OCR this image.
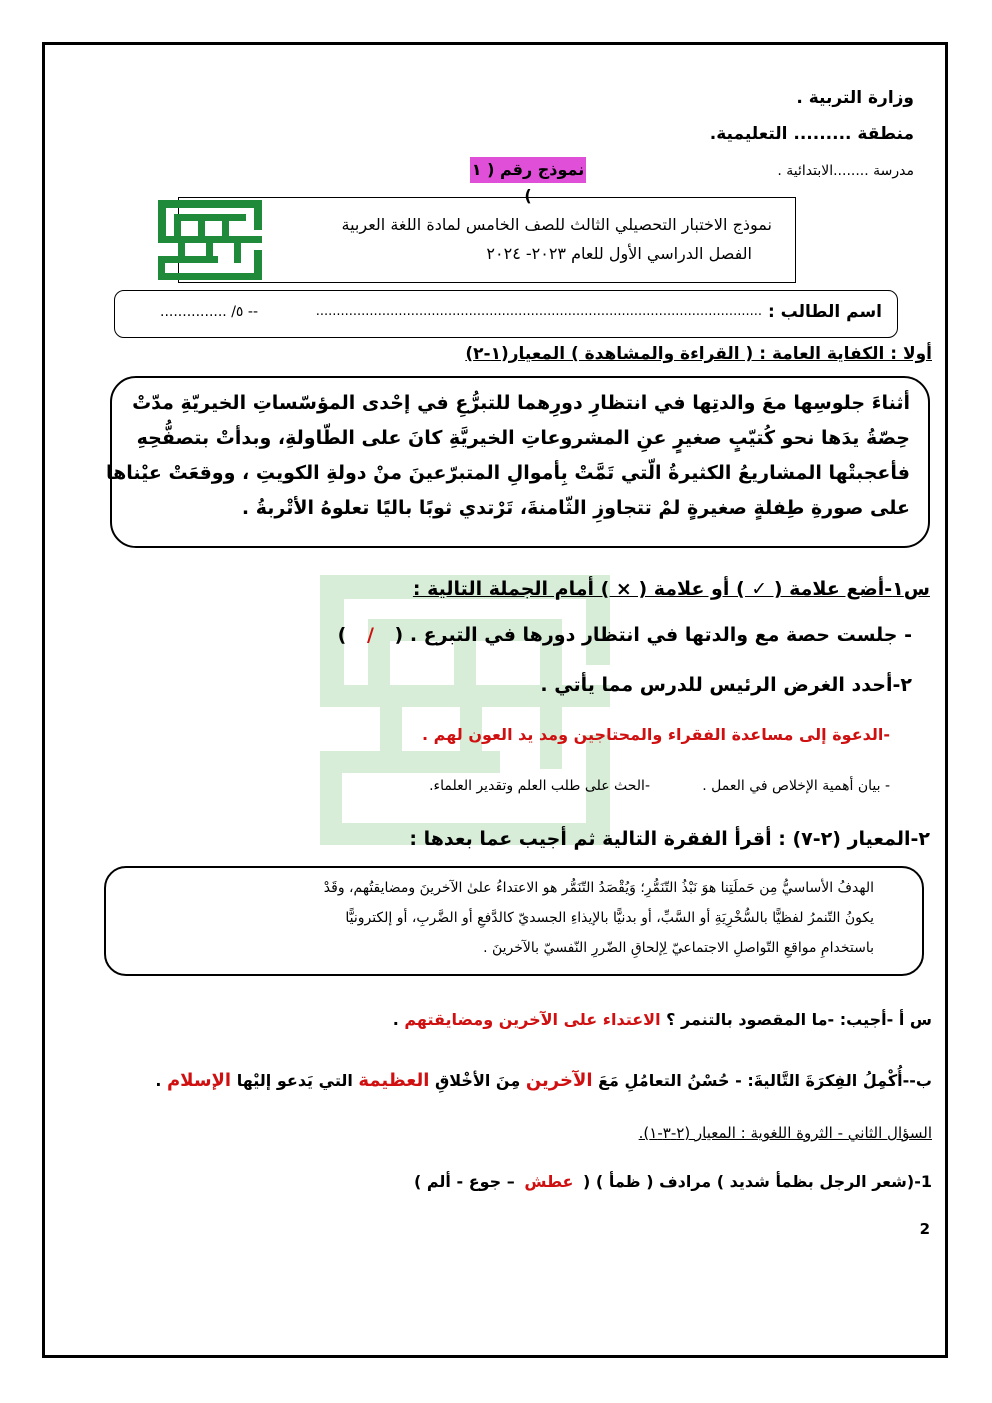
وزارة التربية .
منطقة ......... التعليمية.
مدرسة ........الابتدائية .
نموذج رقم ( ١ )
نموذج الاختبار التحصيلي الثالث للصف الخامس لمادة اللغة العربية
الفصل الدراسي الأول للعام ٢٠٢٣- ٢٠٢٤
اسم الطالب :
............................................................................................................
............... /٥ --
أولا : الكفاية العامة : ( القراءة والمشاهدة ) المعيار(١-٢)
أثناءَ جلوسِها معَ والدتِها في انتظارِ دورِهما للتبرُّعِ في إحْدى المؤسّساتِ الخيريّةِ مدّتْ
حِصّةُ يدَها نحو كُتيّبٍ صغيرٍ عنِ المشروعاتِ الخيريَّةِ كانَ على الطّاولةِ، وبدأتْ بتصفُّحِهِ
فأعجبتْها المشاريعُ الكثيرةُ الّتي تَمَّتْ بِأموالِ المتبرّعينَ منْ دولةِ الكويتِ ، ووقعَتْ عيْناها
على صورةِ طِفلةٍ صغيرةٍ لمْ تتجاوزِ الثّامنةَ، تَرْتدي ثوبًا باليًا تعلوهُ الأتْربةُ .
س١-أضع علامة ( ✓ ) أو علامة ( × ) أمام الجملة التالية :
- جلست حصة مع والدتها في انتظار دورها في التبرع . ( / )
٢-أحدد الغرض الرئيس للدرس مما يأتي .
-الدعوة إلى مساعدة الفقراء والمحتاجين ومد يد العون لهم .
- بيان أهمية الإخلاص في العمل .
-الحث على طلب العلم وتقدير العلماء.
٢-المعيار (٢-٧) : أقرأ الفقرة التالية ثم أجيب عما بعدها :
الهدفُ الأساسيُّ مِن حَملَتِنا هوَ نَبْذُ التّنَمُّرِ؛ وَيُقْصَدُ التّنَمُّر هو الاعتداءُ علىٰ الآخرينَ ومضايقتُهم، وقَدْ
يكونُ التّنمرُ لفظيًّا بالسُّخْرِيَةِ أو السَّبِّ، أو بدنيًّا بالإيذاءِ الجسديّ كالدَّفعِ أو الضَّربِ، أو إلكترونيًّا
باستخدامِ مواقعِ التّواصلِ الاجتماعيّ لِإلحاقِ الضّررِ النّفسيّ بالآخرينَ .
س أ -أجيب: -ما المقصود بالتنمر ؟ الاعتداء على الآخرين ومضايقتهم .
ب--أُكْمِلُ الفِكرَةَ التَّاليةَ: - حُسْنُ التعامُلِ مَعَ الآخرين مِنَ الأخْلاقِ العظيمة التي يَدعو إليْها الإسلام .
السؤال الثاني - الثروة اللغوية : المعيار (٢-٣-١).
1-(شعر الرجل بظمأ شديد ) مرادف ( ظمأ ) ( عطش – جوع - ألم )
2
